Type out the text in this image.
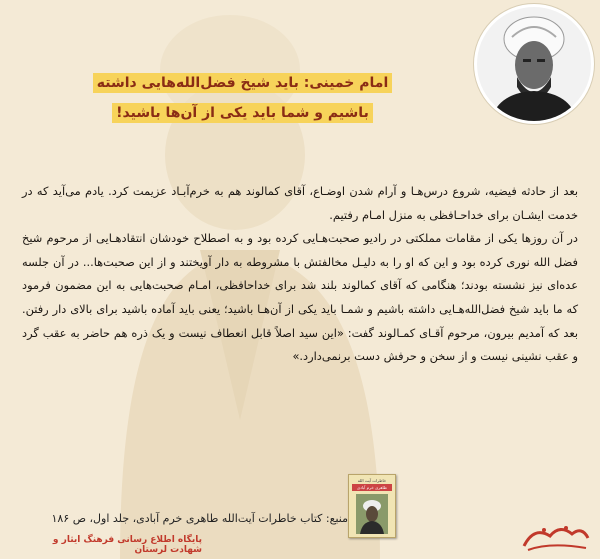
امام خمینی: باید شیخ فضل‌الله‌هایی داشته
باشیم و شما باید یکی از آن‌ها باشید!

بعد از حادثه فیضیه، شروع درس‌هـا و آرام شدن اوضـاع، آقای کمالوند هم به خرم‌آبـاد عزیمت کرد. یادم می‌آید که در خدمت ایشـان برای خداحـافظی به منزل امـام رفتیم.

در آن روزها یکی از مقامات مملکتی در رادیو صحبت‌هـایی کرده بود و به اصطلاح خودشان انتقادهـایی از مرحوم شیخ فضل الله نوری کرده بود و این که او را به دلیـل مخالفتش با مشروطه به دار آویختند و از این صحبت‌ها... در آن جلسه عده‌ای نیز نشسته بودند؛ هنگامی که آقای کمالوند بلند شد برای خداحافظی، امـام صحبت‌هایی به این مضمون فرمود که ما باید شیخ فضل‌الله‌هـایی داشته باشیم و شمـا باید یکی از آن‌هـا باشید؛ یعنی باید آماده باشید برای بالای دار رفتن. بعد که آمدیم بیرون، مرحوم آقـای کمـالوند گفت: «این سید اصلاً قابل انعطاف نیست و یک ذره هم حاضر به عقب گرد و عقب نشینی نیست و از سخن و حرفش دست برنمی‌دارد.»

خاطرات آیت الله
طاهری خرم آبادی
منبع: کتاب خاطرات آیت‌الله طاهری خرم آبادی، جلد اول، ص ۱۸۶
پایگاه اطلاع رسانی فرهنگ ایثار و شهادت لرستان
